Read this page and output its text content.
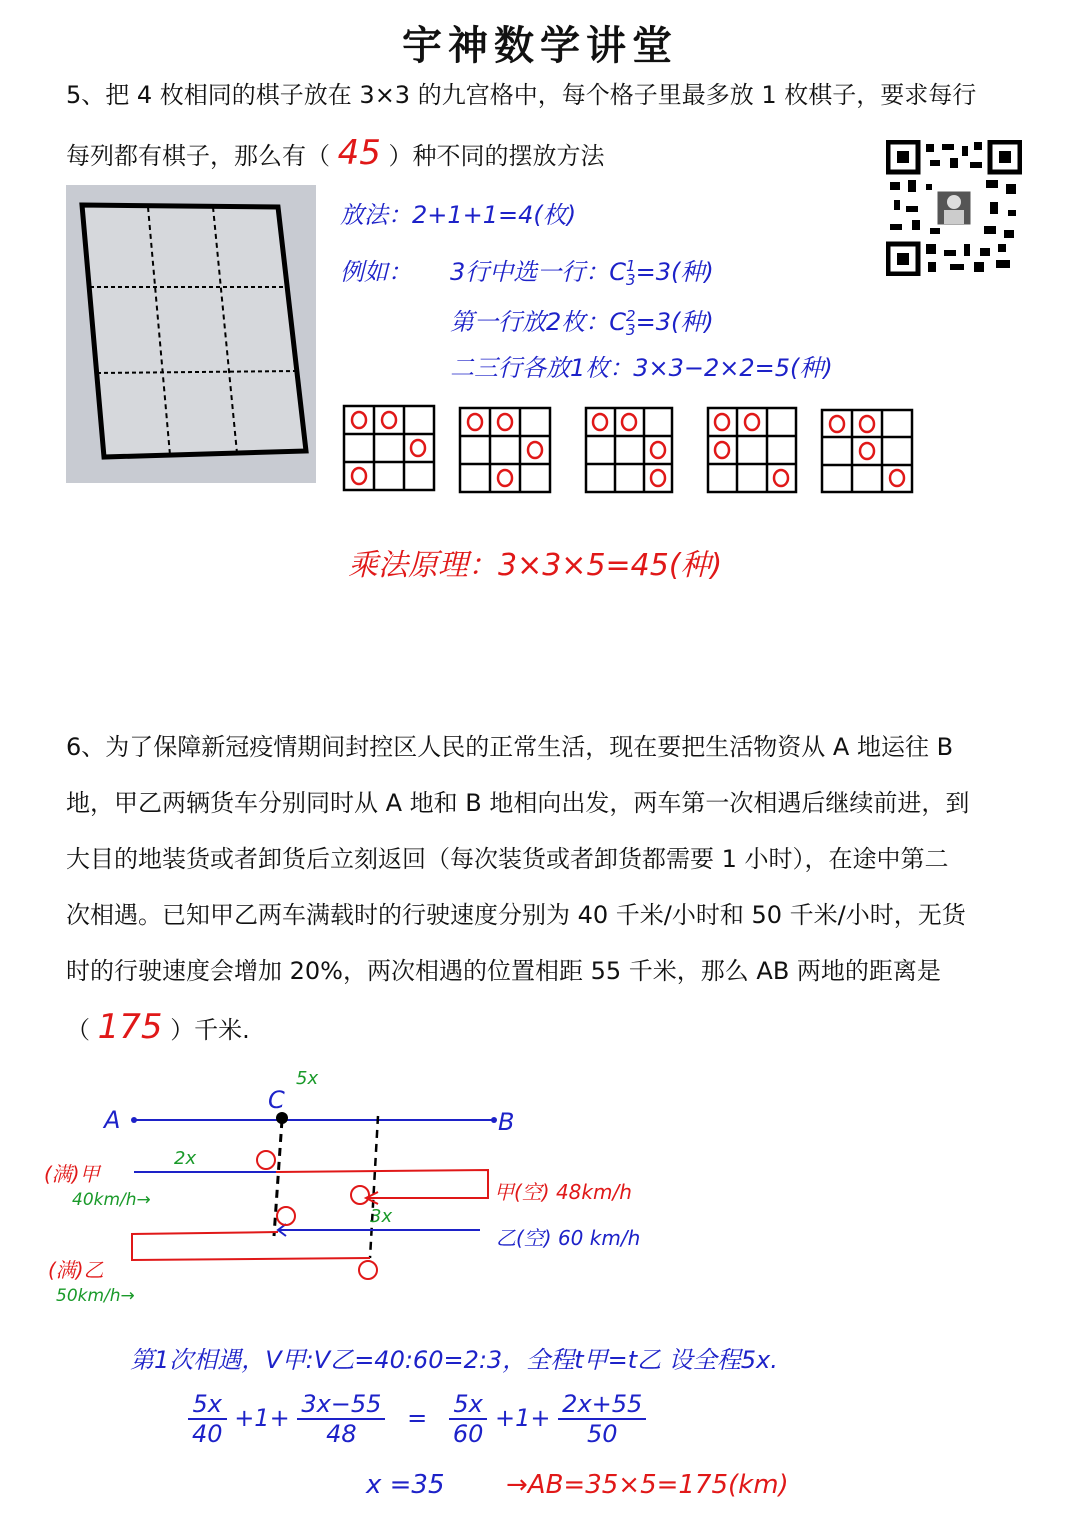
宇神数学讲堂
5、把 4 枚相同的棋子放在 3×3 的九宫格中，每个格子里最多放 1 枚棋子，要求每行
每列都有棋子，那么有（ 45 ）种不同的摆放方法
放法：2+1+1=4(枚)
例如： 3行中选一行：C 1
3 =3(种)
第一行放2枚：C 2
3 =3(种)
二三行各放1枚：3×3−2×2=5(种)
乘法原理：3×3×5=45(种)
6、为了保障新冠疫情期间封控区人民的正常生活，现在要把生活物资从 A 地运往 B
地，甲乙两辆货车分别同时从 A 地和 B 地相向出发，两车第一次相遇后继续前进，到
大目的地装货或者卸货后立刻返回（每次装货或者卸货都需要 1 小时），在途中第二
次相遇。已知甲乙两车满载时的行驶速度分别为 40 千米/小时和 50 千米/小时，无货
时的行驶速度会增加 20%，两次相遇的位置相距 55 千米，那么 AB 两地的距离是
（ 175 ）千米.
A	B
C
5x
(满)甲
40km/h→
2x
甲(空) 48km/h
(满)乙
50km/h→
3x
乙(空) 60 km/h
第1次相遇，V甲:V乙=40:60=2:3，全程t甲=t乙 设全程5x.
$\frac{5x}{40} +1+ \frac{3x-55}{48} = \frac{5x}{60} +1+ \frac{2x+55}{50}$
x =35 →AB=35×5=175(km)
